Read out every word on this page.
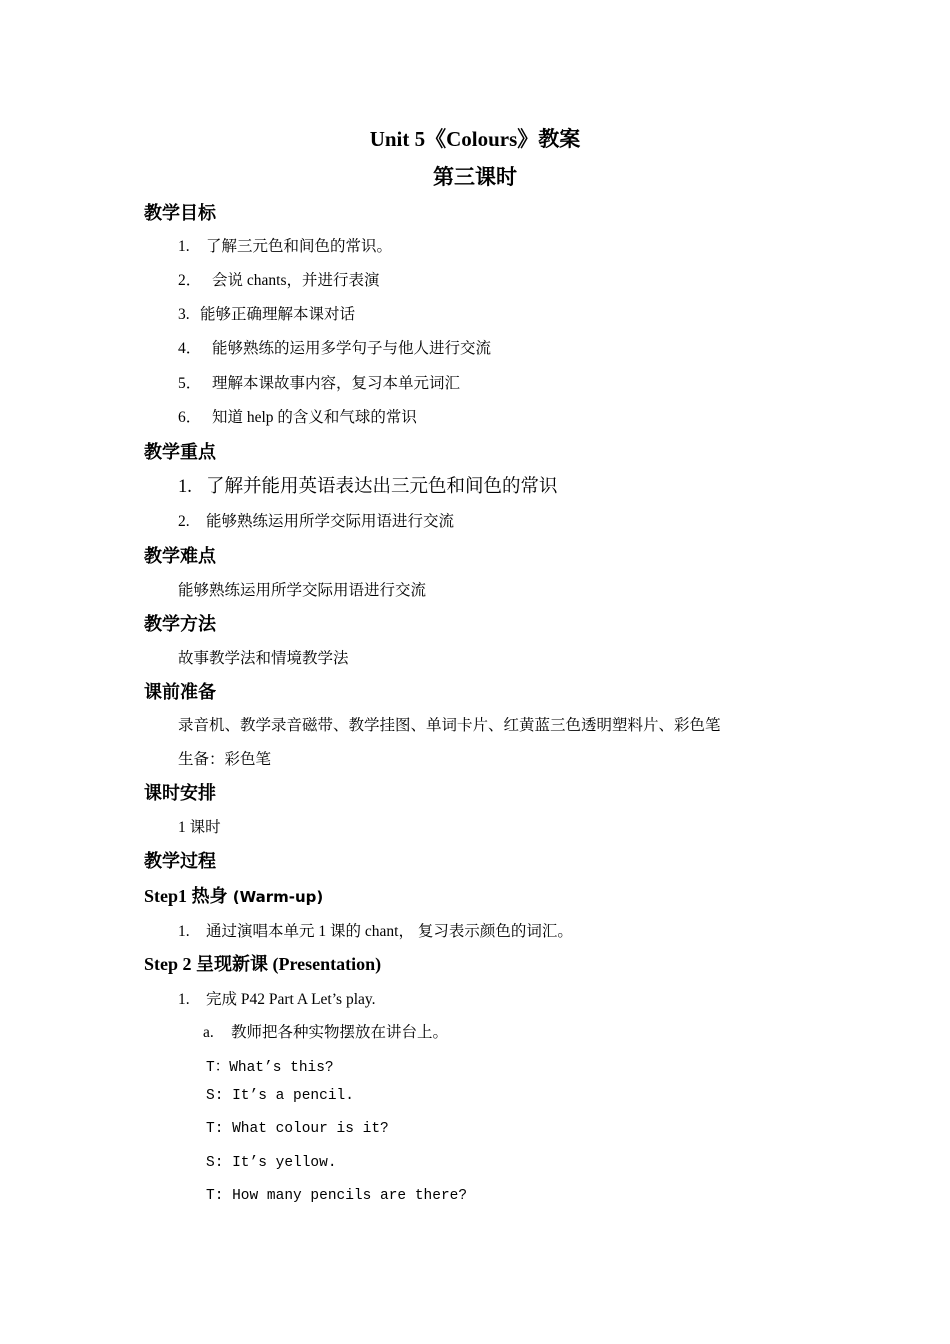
Unit 5《Colours》教案
第三课时
教学目标
1. 了解三元色和间色的常识。
2． 会说 chants，并进行表演
3. 能够正确理解本课对话
4． 能够熟练的运用多学句子与他人进行交流
5． 理解本课故事内容，复习本单元词汇
6． 知道 help 的含义和气球的常识
教学重点
1. 了解并能用英语表达出三元色和间色的常识
2. 能够熟练运用所学交际用语进行交流
教学难点
能够熟练运用所学交际用语进行交流
教学方法
故事教学法和情境教学法
课前准备
录音机、教学录音磁带、教学挂图、单词卡片、红黄蓝三色透明塑料片、彩色笔
生备：彩色笔
课时安排
1 课时
教学过程
Step1 热身 (Warm-up)
1. 通过演唱本单元 1 课的 chant， 复习表示颜色的词汇。
Step 2 呈现新课 (Presentation)
1. 完成 P42 Part A Let’s play.
a. 教师把各种实物摆放在讲台上。
T：What’s this?
S: It’s a pencil.
T: What colour is it?
S: It’s yellow.
T: How many pencils are there?
